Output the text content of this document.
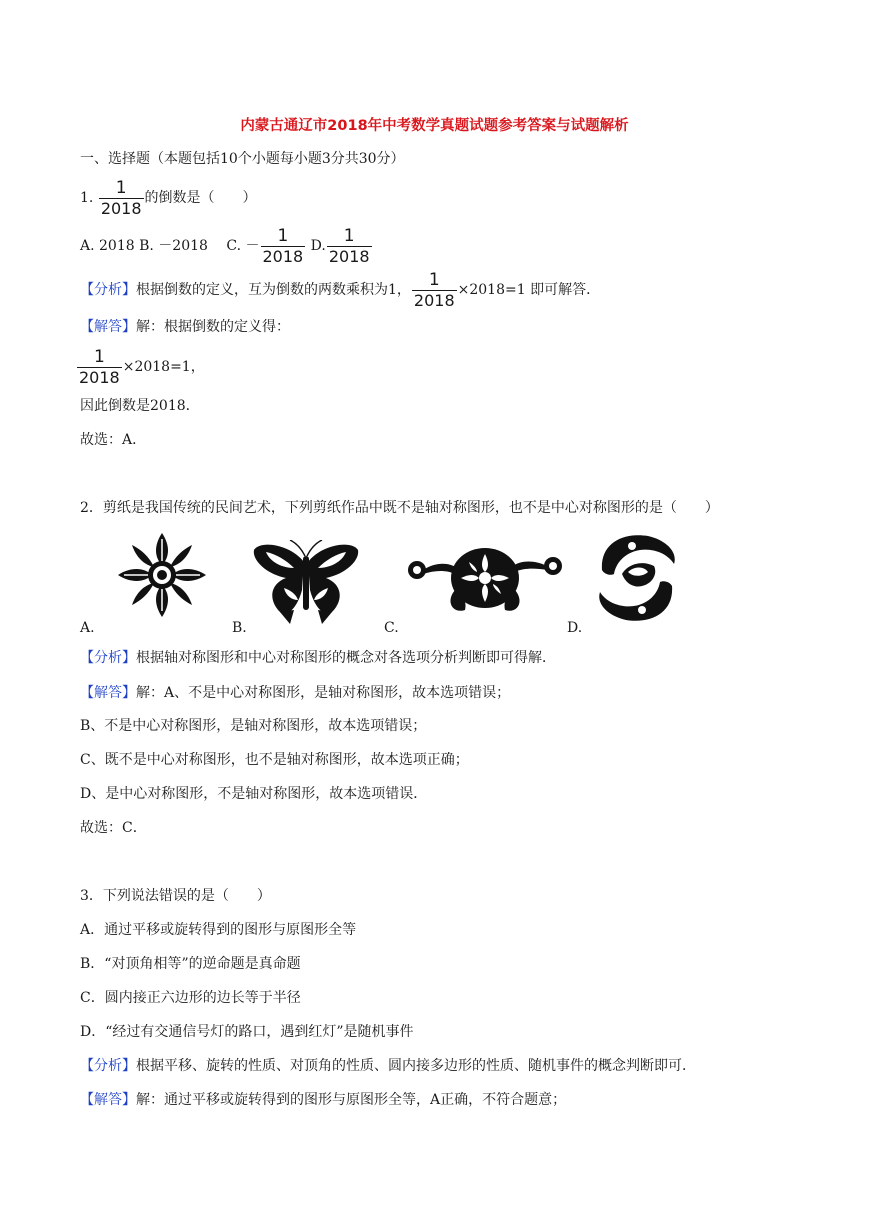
内蒙古通辽市2018年中考数学真题试题参考答案与试题解析
一、选择题（本题包括10个小题每小题3分共30分）
1. $\frac{1}{2018}$ 的倒数是（　　）
A. 2018 B. －2018 C. － $\frac{1}{2018} D$. $\frac{1}{2018}$
【分析】根据倒数的定义，互为倒数的两数乘积为1， $\frac{1}{2018} \times 2018=1$ 即可解答．
【解答】解：根据倒数的定义得：
$\frac{1}{2018} \times 2018=1$，
因此倒数是2018．
故选：A．
2．剪纸是我国传统的民间艺术，下列剪纸作品中既不是轴对称图形，也不是中心对称图形的是（　　）
A.	B.	C.	D.
【分析】根据轴对称图形和中心对称图形的概念对各选项分析判断即可得解．
【解答】解：A、不是中心对称图形，是轴对称图形，故本选项错误；
B、不是中心对称图形，是轴对称图形，故本选项错误；
C、既不是中心对称图形，也不是轴对称图形，故本选项正确；
D、是中心对称图形，不是轴对称图形，故本选项错误．
故选：C．
3．下列说法错误的是（　　）
A．通过平移或旋转得到的图形与原图形全等
B．“对顶角相等”的逆命题是真命题
C．圆内接正六边形的边长等于半径
D．“经过有交通信号灯的路口，遇到红灯”是随机事件
【分析】根据平移、旋转的性质、对顶角的性质、圆内接多边形的性质、随机事件的概念判断即可．
【解答】解：通过平移或旋转得到的图形与原图形全等，A正确，不符合题意；
